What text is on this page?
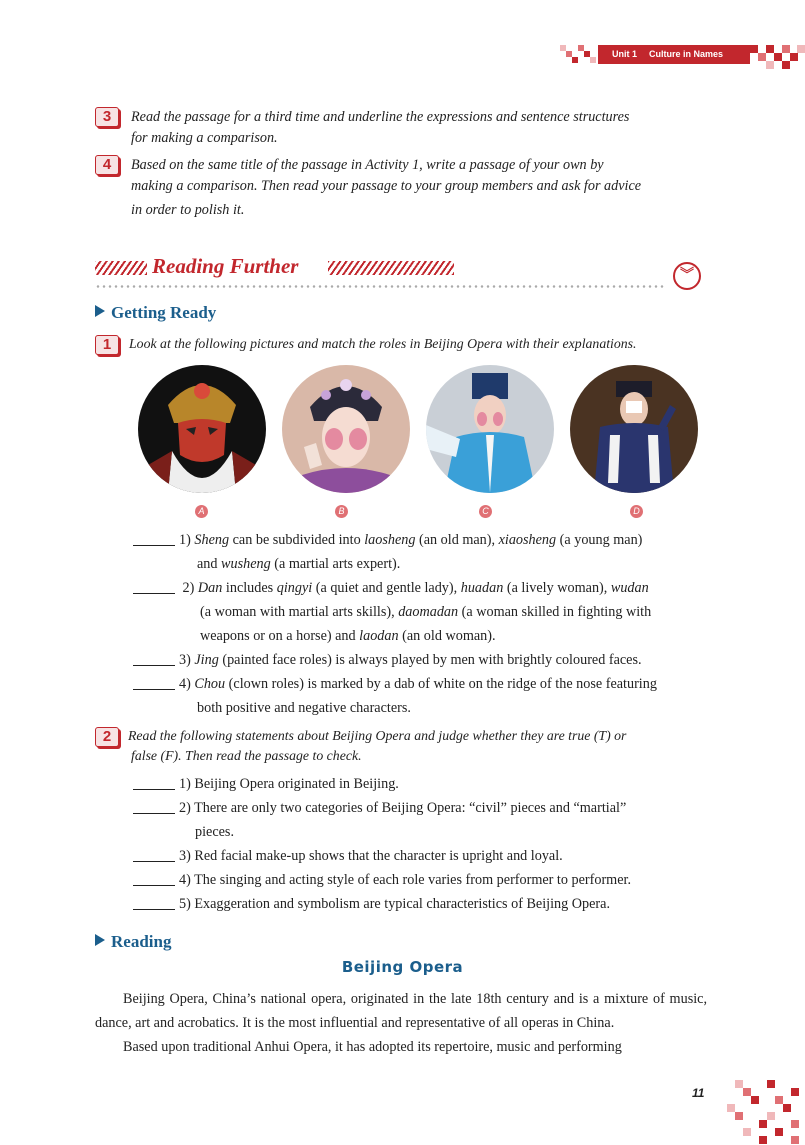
Unit 1 Culture in Names
3	Read the passage for a third time and underline the expressions and sentence structures
for making a comparison.
4	Based on the same title of the passage in Activity 1, write a passage of your own by
making a comparison. Then read your passage to your group members and ask for advice
in order to polish it.
Reading Further	︾
Getting Ready
1	Look at the following pictures and match the roles in Beijing Opera with their explanations.
A	B	C	D
1) Sheng can be subdivided into laosheng (an old man), xiaosheng (a young man)
and wusheng (a martial arts expert).
2) Dan includes qingyi (a quiet and gentle lady), huadan (a lively woman), wudan
(a woman with martial arts skills), daomadan (a woman skilled in fighting with
weapons or on a horse) and laodan (an old woman).
3) Jing (painted face roles) is always played by men with brightly coloured faces.
4) Chou (clown roles) is marked by a dab of white on the ridge of the nose featuring
both positive and negative characters.
2	Read the following statements about Beijing Opera and judge whether they are true (T) or
false (F). Then read the passage to check.
1) Beijing Opera originated in Beijing.
2) There are only two categories of Beijing Opera: “civil” pieces and “martial”
pieces.
3) Red facial make-up shows that the character is upright and loyal.
4) The singing and acting style of each role varies from performer to performer.
5) Exaggeration and symbolism are typical characteristics of Beijing Opera.
Reading
Beijing Opera
Beijing Opera, China’s national opera, originated in the late 18th century and is a mixture of music, dance, art and acrobatics. It is the most influential and representative of all operas in China.
Based upon traditional Anhui Opera, it has adopted its repertoire, music and performing
11
